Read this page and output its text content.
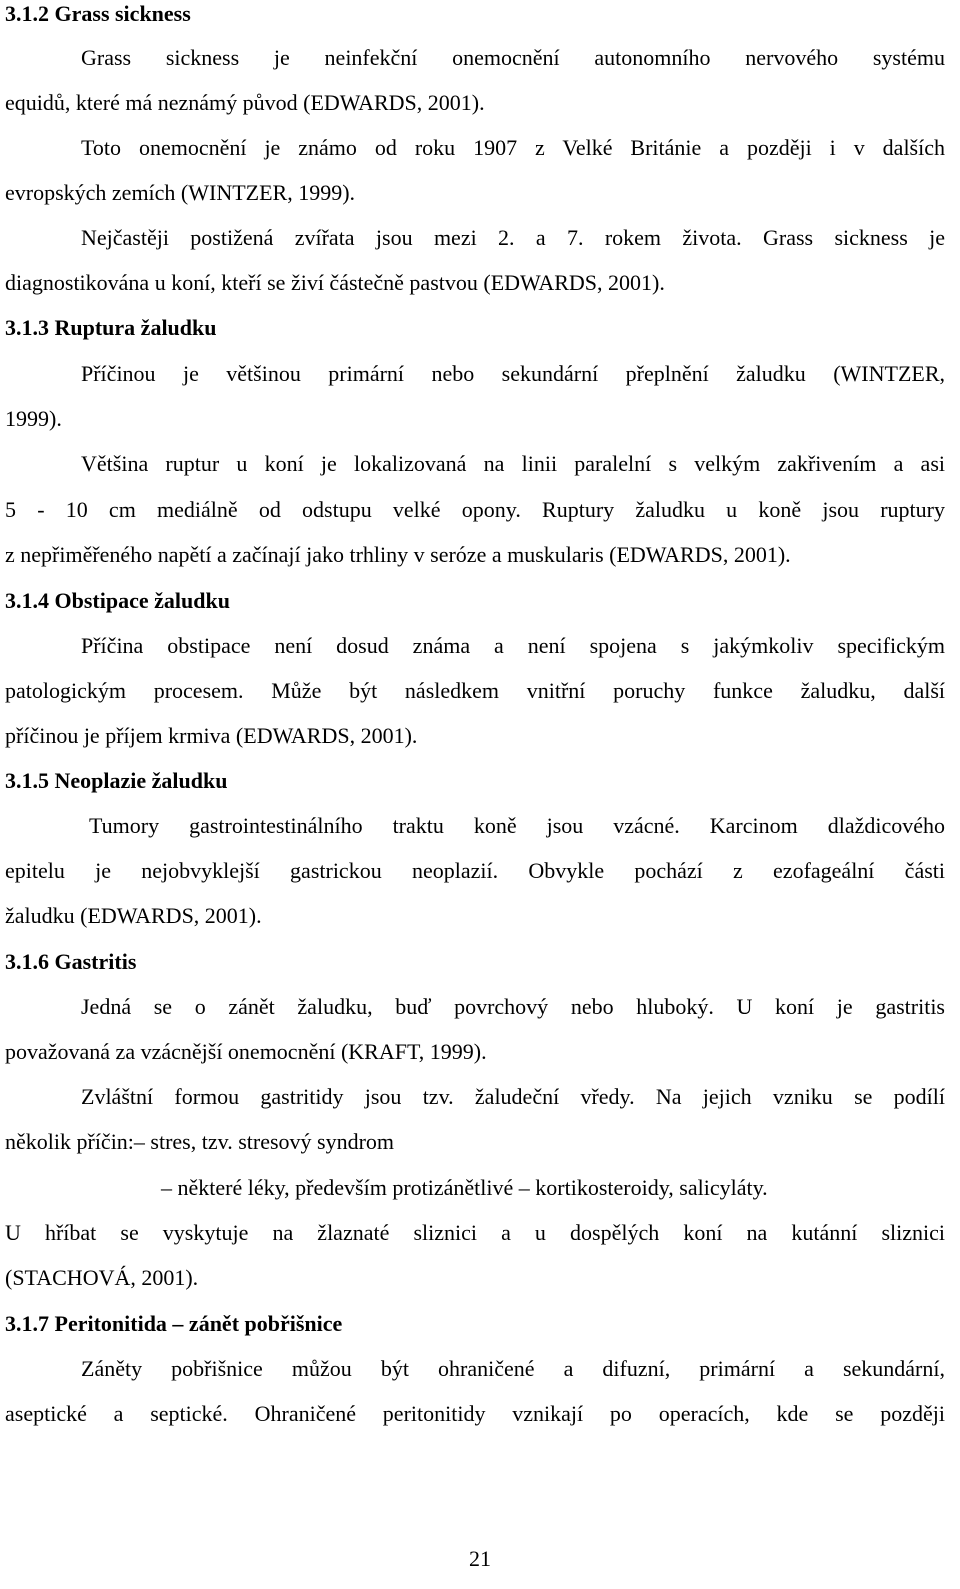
3.1.2 Grass sickness
Grass sickness je neinfekční onemocnění autonomního nervového systému
equidů, které má neznámý původ (EDWARDS, 2001).
Toto onemocnění je známo od roku 1907 z Velké Británie a později i v dalších
evropských zemích (WINTZER, 1999).
Nejčastěji postižená zvířata jsou mezi 2. a 7. rokem života. Grass sickness je
diagnostikována u koní, kteří se živí částečně pastvou (EDWARDS, 2001).
3.1.3 Ruptura žaludku
Příčinou je většinou primární nebo sekundární přeplnění žaludku (WINTZER,
1999).
Většina ruptur u koní je lokalizovaná na linii paralelní s velkým zakřivením a asi
5 - 10 cm mediálně od odstupu velké opony. Ruptury žaludku u koně jsou ruptury
z nepřiměřeného napětí a začínají jako trhliny v seróze a muskularis (EDWARDS, 2001).
3.1.4 Obstipace žaludku
Příčina obstipace není dosud známa a není spojena s jakýmkoliv specifickým
patologickým procesem. Může být následkem vnitřní poruchy funkce žaludku, další
příčinou je příjem krmiva (EDWARDS, 2001).
3.1.5 Neoplazie žaludku
Tumory gastrointestinálního traktu koně jsou vzácné. Karcinom dlaždicového
epitelu je nejobvyklejší gastrickou neoplazií. Obvykle pochází z ezofageální části
žaludku (EDWARDS, 2001).
3.1.6 Gastritis
Jedná se o zánět žaludku, buď povrchový nebo hluboký. U koní je gastritis
považovaná za vzácnější onemocnění (KRAFT, 1999).
Zvláštní formou gastritidy jsou tzv. žaludeční vředy. Na jejich vzniku se podílí
několik příčin:– stres, tzv. stresový syndrom
– některé léky, především protizánětlivé – kortikosteroidy, salicyláty.
U hříbat se vyskytuje na žlaznaté sliznici a u dospělých koní na kutánní sliznici
(STACHOVÁ, 2001).
3.1.7 Peritonitida – zánět pobřišnice
Záněty pobřišnice můžou být ohraničené a difuzní, primární a sekundární,
aseptické a septické. Ohraničené peritonitidy vznikají po operacích, kde se později
21
